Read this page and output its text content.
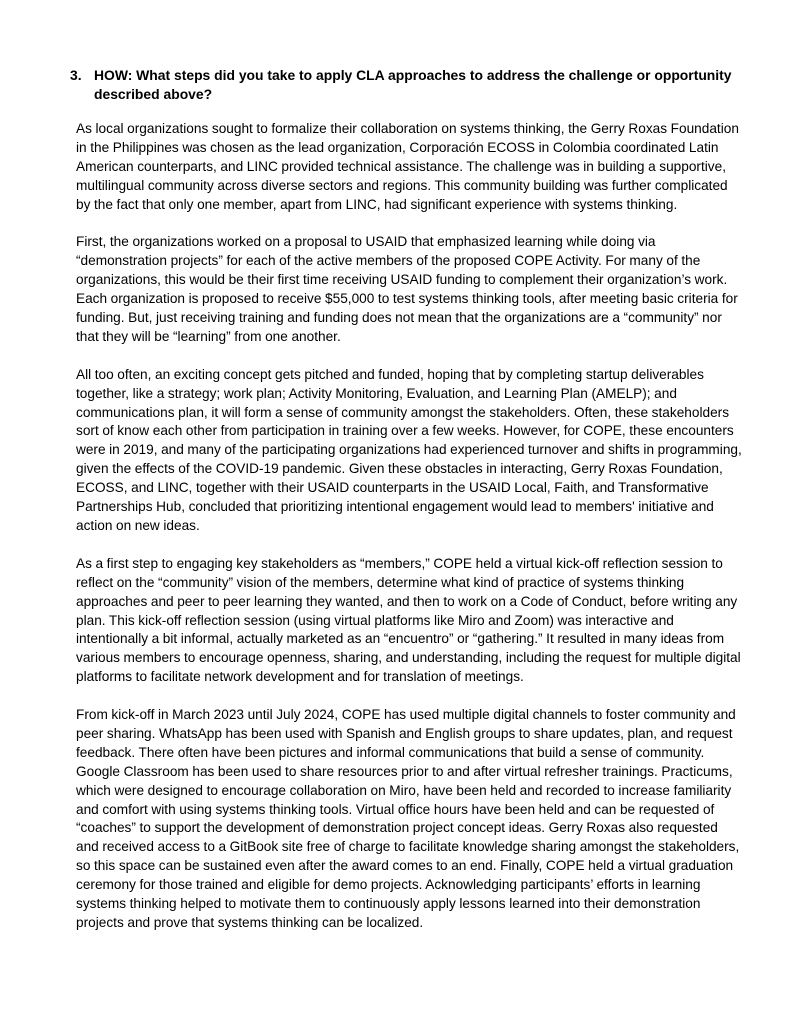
3. HOW: What steps did you take to apply CLA approaches to address the challenge or opportunity described above?

As local organizations sought to formalize their collaboration on systems thinking, the Gerry Roxas Foundation in the Philippines was chosen as the lead organization, Corporación ECOSS in Colombia coordinated Latin American counterparts, and LINC provided technical assistance. The challenge was in building a supportive, multilingual community across diverse sectors and regions. This community building was further complicated by the fact that only one member, apart from LINC, had significant experience with systems thinking.

First, the organizations worked on a proposal to USAID that emphasized learning while doing via “demonstration projects” for each of the active members of the proposed COPE Activity. For many of the organizations, this would be their first time receiving USAID funding to complement their organization’s work. Each organization is proposed to receive $55,000 to test systems thinking tools, after meeting basic criteria for funding. But, just receiving training and funding does not mean that the organizations are a “community” nor that they will be “learning” from one another.

All too often, an exciting concept gets pitched and funded, hoping that by completing startup deliverables together, like a strategy; work plan; Activity Monitoring, Evaluation, and Learning Plan (AMELP); and communications plan, it will form a sense of community amongst the stakeholders. Often, these stakeholders sort of know each other from participation in training over a few weeks. However, for COPE, these encounters were in 2019, and many of the participating organizations had experienced turnover and shifts in programming, given the effects of the COVID-19 pandemic. Given these obstacles in interacting, Gerry Roxas Foundation, ECOSS, and LINC, together with their USAID counterparts in the USAID Local, Faith, and Transformative Partnerships Hub, concluded that prioritizing intentional engagement would lead to members' initiative and action on new ideas.

As a first step to engaging key stakeholders as “members,” COPE held a virtual kick-off reflection session to reflect on the “community” vision of the members, determine what kind of practice of systems thinking approaches and peer to peer learning they wanted, and then to work on a Code of Conduct, before writing any plan. This kick-off reflection session (using virtual platforms like Miro and Zoom) was interactive and intentionally a bit informal, actually marketed as an “encuentro” or “gathering.” It resulted in many ideas from various members to encourage openness, sharing, and understanding, including the request for multiple digital platforms to facilitate network development and for translation of meetings.

From kick-off in March 2023 until July 2024, COPE has used multiple digital channels to foster community and peer sharing. WhatsApp has been used with Spanish and English groups to share updates, plan, and request feedback. There often have been pictures and informal communications that build a sense of community. Google Classroom has been used to share resources prior to and after virtual refresher trainings. Practicums, which were designed to encourage collaboration on Miro, have been held and recorded to increase familiarity and comfort with using systems thinking tools. Virtual office hours have been held and can be requested of “coaches” to support the development of demonstration project concept ideas. Gerry Roxas also requested and received access to a GitBook site free of charge to facilitate knowledge sharing amongst the stakeholders, so this space can be sustained even after the award comes to an end. Finally, COPE held a virtual graduation ceremony for those trained and eligible for demo projects. Acknowledging participants’ efforts in learning systems thinking helped to motivate them to continuously apply lessons learned into their demonstration projects and prove that systems thinking can be localized.
